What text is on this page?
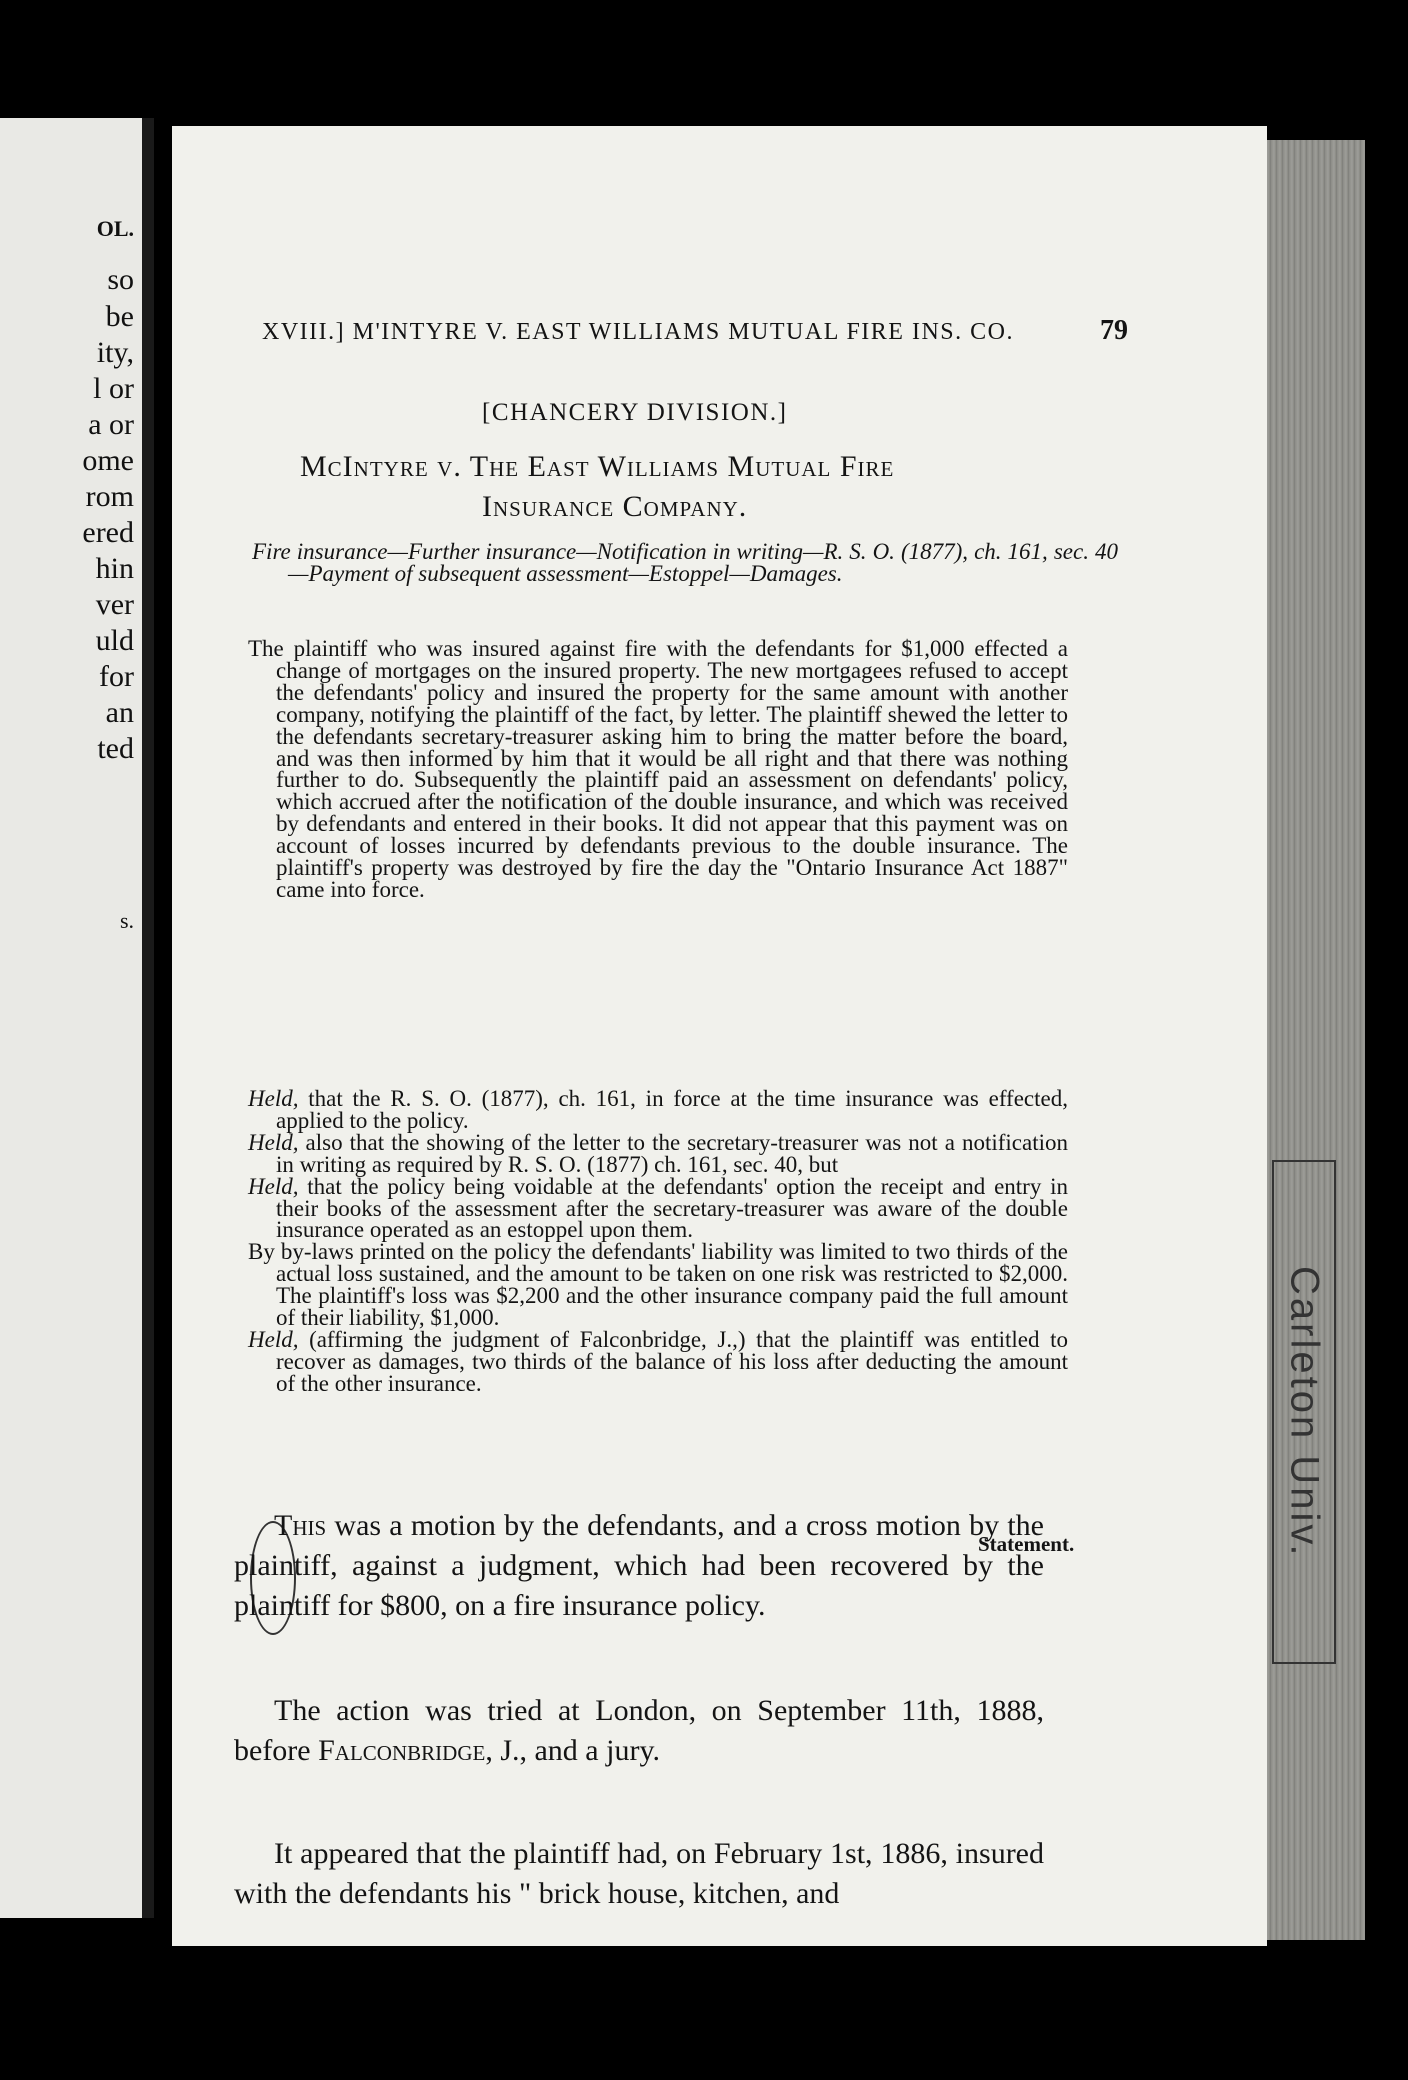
OL.
so
be
ity,
l or
a or
ome
rom
ered
hin
ver
uld
for
an
ted
s.
Carleton Univ.
XVIII.] M'INTYRE V. EAST WILLIAMS MUTUAL FIRE INS. CO.	79
[CHANCERY DIVISION.]
McIntyre v. The East Williams Mutual Fire
Insurance Company.
Fire insurance—Further insurance—Notification in writing—R. S. O. (1877), ch. 161, sec. 40—Payment of subsequent assessment—Estoppel—Damages.

The plaintiff who was insured against fire with the defendants for $1,000 effected a change of mortgages on the insured property. The new mortgagees refused to accept the defendants' policy and insured the property for the same amount with another company, notifying the plaintiff of the fact, by letter. The plaintiff shewed the letter to the defendants secretary-treasurer asking him to bring the matter before the board, and was then informed by him that it would be all right and that there was nothing further to do. Subsequently the plaintiff paid an assessment on defendants' policy, which accrued after the notification of the double insurance, and which was received by defendants and entered in their books. It did not appear that this payment was on account of losses incurred by defendants previous to the double insurance. The plaintiff's property was destroyed by fire the day the "Ontario Insurance Act 1887" came into force.

Held, that the R. S. O. (1877), ch. 161, in force at the time insurance was effected, applied to the policy.

Held, also that the showing of the letter to the secretary-treasurer was not a notification in writing as required by R. S. O. (1877) ch. 161, sec. 40, but

Held, that the policy being voidable at the defendants' option the receipt and entry in their books of the assessment after the secretary-treasurer was aware of the double insurance operated as an estoppel upon them.

By by-laws printed on the policy the defendants' liability was limited to two thirds of the actual loss sustained, and the amount to be taken on one risk was restricted to $2,000. The plaintiff's loss was $2,200 and the other insurance company paid the full amount of their liability, $1,000.

Held, (affirming the judgment of Falconbridge, J.,) that the plaintiff was entitled to recover as damages, two thirds of the balance of his loss after deducting the amount of the other insurance.

This was a motion by the defendants, and a cross motion by the plaintiff, against a judgment, which had been recovered by the plaintiff for $800, on a fire insurance policy.
Statement.
The action was tried at London, on September 11th, 1888, before Falconbridge, J., and a jury.
It appeared that the plaintiff had, on February 1st, 1886, insured with the defendants his " brick house, kitchen, and
